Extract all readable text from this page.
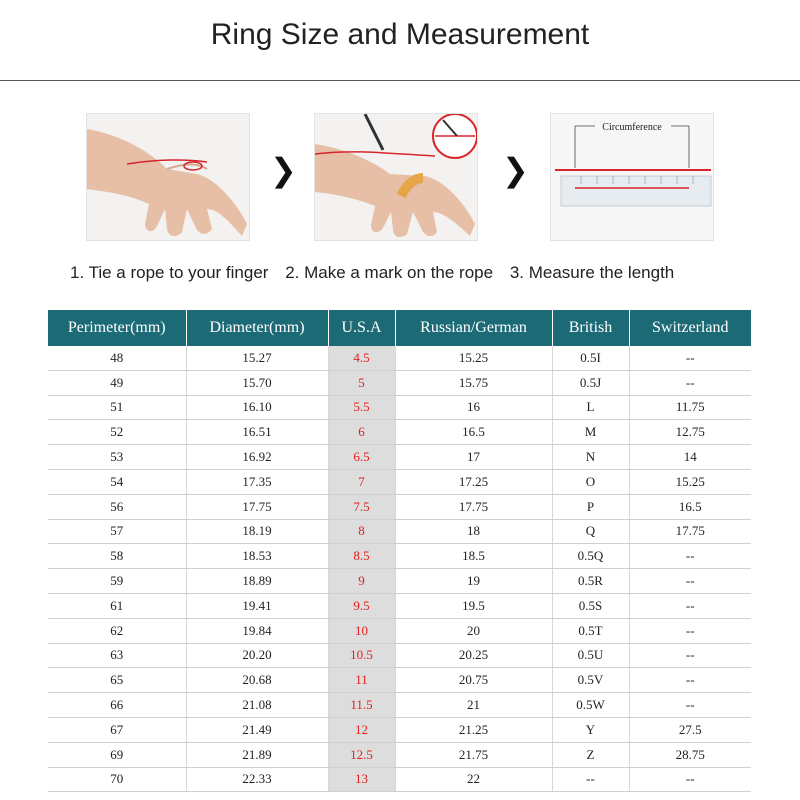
Ring Size and Measurement
❯	❯
Circumference
1. Tie a rope to your finger 2. Make a mark on the rope 3. Measure the length
Perimeter(mm)	Diameter(mm)	U.S.A	Russian/German	British	Switzerland
48	15.27	4.5	15.25	0.5I	--
49	15.70	5	15.75	0.5J	--
51	16.10	5.5	16	L	11.75
52	16.51	6	16.5	M	12.75
53	16.92	6.5	17	N	14
54	17.35	7	17.25	O	15.25
56	17.75	7.5	17.75	P	16.5
57	18.19	8	18	Q	17.75
58	18.53	8.5	18.5	0.5Q	--
59	18.89	9	19	0.5R	--
61	19.41	9.5	19.5	0.5S	--
62	19.84	10	20	0.5T	--
63	20.20	10.5	20.25	0.5U	--
65	20.68	11	20.75	0.5V	--
66	21.08	11.5	21	0.5W	--
67	21.49	12	21.25	Y	27.5
69	21.89	12.5	21.75	Z	28.75
70	22.33	13	22	--	--
